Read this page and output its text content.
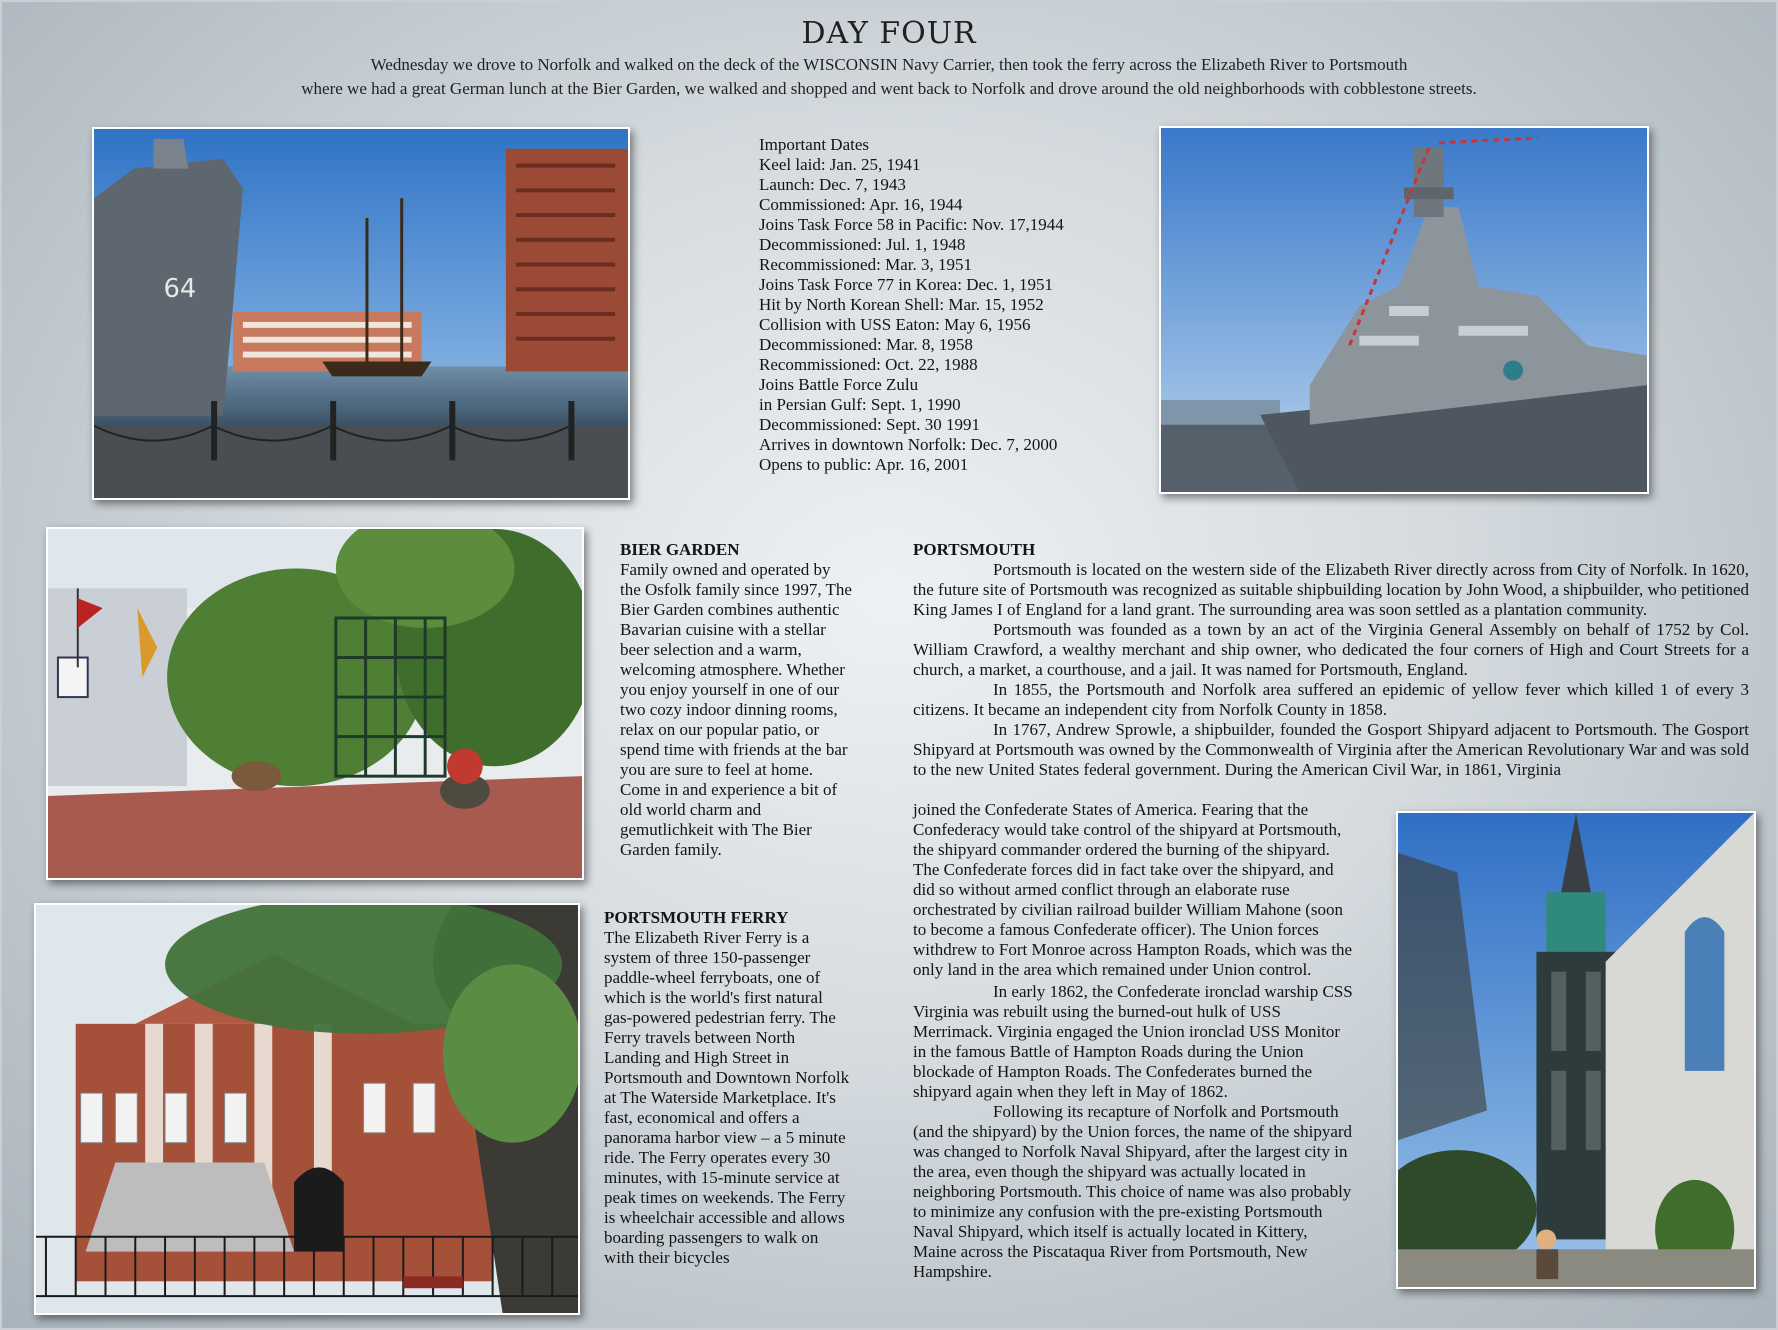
DAY FOUR
Wednesday we drove to Norfolk and walked on the deck of the WISCONSIN Navy Carrier, then took the ferry across the Elizabeth River to Portsmouth
where we had a great German lunch at the Bier Garden, we walked and shopped and went back to Norfolk and drove around the old neighborhoods with cobblestone streets.
64
Important Dates
Keel laid: Jan. 25, 1941
Launch: Dec. 7, 1943
Commissioned: Apr. 16, 1944
Joins Task Force 58 in Pacific: Nov. 17,1944
Decommissioned: Jul. 1, 1948
Recommissioned: Mar. 3, 1951
Joins Task Force 77 in Korea: Dec. 1, 1951
Hit by North Korean Shell: Mar. 15, 1952
Collision with USS Eaton: May 6, 1956
Decommissioned: Mar. 8, 1958
Recommissioned: Oct. 22, 1988
Joins Battle Force Zulu
in Persian Gulf: Sept. 1, 1990
Decommissioned: Sept. 30 1991
Arrives in downtown Norfolk: Dec. 7, 2000
Opens to public: Apr. 16, 2001
BIER GARDEN
Family owned and operated by
the Osfolk family since 1997, The
Bier Garden combines authentic
Bavarian cuisine with a stellar
beer selection and a warm,
welcoming atmosphere. Whether
you enjoy yourself in one of our
two cozy indoor dinning rooms,
relax on our popular patio, or
spend time with friends at the bar
you are sure to feel at home.
Come in and experience a bit of
old world charm and
gemutlichkeit with The Bier
Garden family.
PORTSMOUTH FERRY
The Elizabeth River Ferry is a
system of three 150-passenger
paddle-wheel ferryboats, one of
which is the world's first natural
gas-powered pedestrian ferry. The
Ferry travels between North
Landing and High Street in
Portsmouth and Downtown Norfolk
at The Waterside Marketplace. It's
fast, economical and offers a
panorama harbor view – a 5 minute
ride. The Ferry operates every 30
minutes, with 15-minute service at
peak times on weekends. The Ferry
is wheelchair accessible and allows
boarding passengers to walk on
with their bicycles
PORTSMOUTH

Portsmouth is located on the western side of the Elizabeth River directly across from City of Norfolk. In 1620, the future site of Portsmouth was recognized as suitable shipbuilding location by John Wood, a shipbuilder, who petitioned King James I of England for a land grant. The surrounding area was soon settled as a plantation community.

Portsmouth was founded as a town by an act of the Virginia General Assembly on behalf of 1752 by Col. William Crawford, a wealthy merchant and ship owner, who dedicated the four corners of High and Court Streets for a church, a market, a courthouse, and a jail. It was named for Portsmouth, England.

In 1855, the Portsmouth and Norfolk area suffered an epidemic of yellow fever which killed 1 of every 3 citizens. It became an independent city from Norfolk County in 1858.

In 1767, Andrew Sprowle, a shipbuilder, founded the Gosport Shipyard adjacent to Portsmouth. The Gosport Shipyard at Portsmouth was owned by the Commonwealth of Virginia after the American Revolutionary War and was sold to the new United States federal government. During the American Civil War, in 1861, Virginia

joined the Confederate States of America. Fearing that the
Confederacy would take control of the shipyard at Portsmouth,
the shipyard commander ordered the burning of the shipyard.
The Confederate forces did in fact take over the shipyard, and
did so without armed conflict through an elaborate ruse
orchestrated by civilian railroad builder William Mahone (soon
to become a famous Confederate officer). The Union forces
withdrew to Fort Monroe across Hampton Roads, which was the
only land in the area which remained under Union control.
In early 1862, the Confederate ironclad warship CSS
Virginia was rebuilt using the burned-out hulk of USS
Merrimack. Virginia engaged the Union ironclad USS Monitor
in the famous Battle of Hampton Roads during the Union
blockade of Hampton Roads. The Confederates burned the
shipyard again when they left in May of 1862.
Following its recapture of Norfolk and Portsmouth
(and the shipyard) by the Union forces, the name of the shipyard
was changed to Norfolk Naval Shipyard, after the largest city in
the area, even though the shipyard was actually located in
neighboring Portsmouth. This choice of name was also probably
to minimize any confusion with the pre-existing Portsmouth
Naval Shipyard, which itself is actually located in Kittery,
Maine across the Piscataqua River from Portsmouth, New
Hampshire.
